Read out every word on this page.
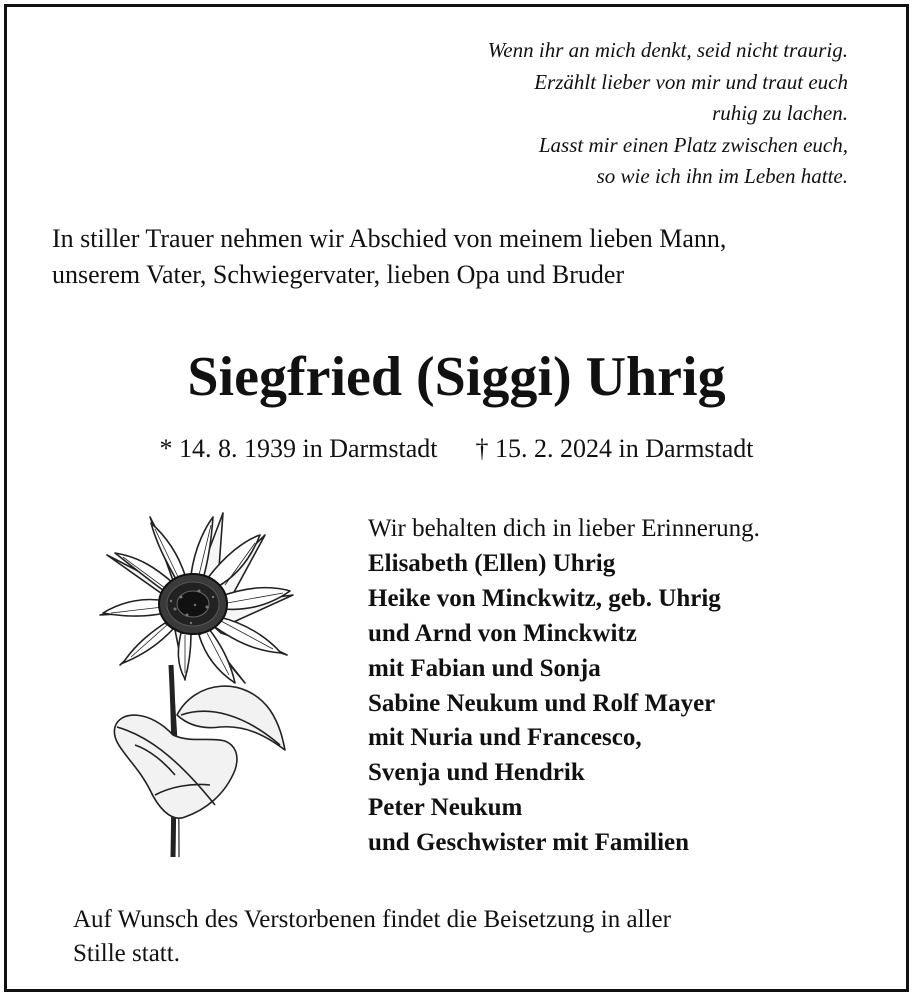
Wenn ihr an mich denkt, seid nicht traurig.
Erzählt lieber von mir und traut euch
ruhig zu lachen.
Lasst mir einen Platz zwischen euch,
so wie ich ihn im Leben hatte.
In stiller Trauer nehmen wir Abschied von meinem lieben Mann,
unserem Vater, Schwiegervater, lieben Opa und Bruder
Siegfried (Siggi) Uhrig
* 14. 8. 1939 in Darmstadt † 15. 2. 2024 in Darmstadt
Wir behalten dich in lieber Erinnerung.
Elisabeth (Ellen) Uhrig
Heike von Minckwitz, geb. Uhrig
und Arnd von Minckwitz
mit Fabian und Sonja
Sabine Neukum und Rolf Mayer
mit Nuria und Francesco,
Svenja und Hendrik
Peter Neukum
und Geschwister mit Familien
Auf Wunsch des Verstorbenen findet die Beisetzung in aller
Stille statt.
